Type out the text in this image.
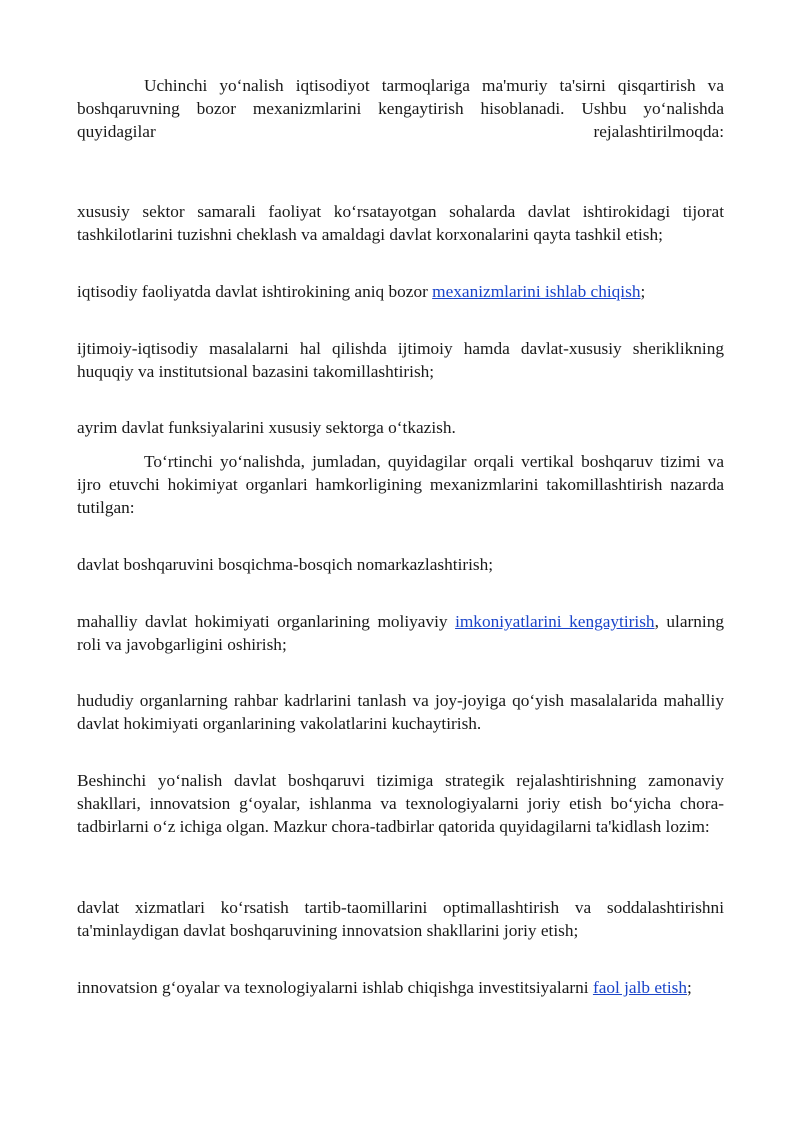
Uchinchi yo‘nalish iqtisodiyot tarmoqlariga ma'muriy ta'sirni qisqartirish va boshqaruvning bozor mexanizmlarini kengaytirish hisoblanadi. Ushbu yo‘nalishda quyidagilar rejalashtirilmoqda:

xususiy sektor samarali faoliyat ko‘rsatayotgan sohalarda davlat ishtirokidagi tijorat tashkilotlarini tuzishni cheklash va amaldagi davlat korxonalarini qayta tashkil etish;

iqtisodiy faoliyatda davlat ishtirokining aniq bozor mexanizmlarini ishlab chiqish;

ijtimoiy-iqtisodiy masalalarni hal qilishda ijtimoiy hamda davlat-xususiy sheriklikning huquqiy va institutsional bazasini takomillashtirish;

ayrim davlat funksiyalarini xususiy sektorga o‘tkazish.

To‘rtinchi yo‘nalishda, jumladan, quyidagilar orqali vertikal boshqaruv tizimi va ijro etuvchi hokimiyat organlari hamkorligining mexanizmlarini takomillashtirish nazarda tutilgan:

davlat boshqaruvini bosqichma-bosqich nomarkazlashtirish;

mahalliy davlat hokimiyati organlarining moliyaviy imkoniyatlarini kengaytirish, ularning roli va javobgarligini oshirish;

hududiy organlarning rahbar kadrlarini tanlash va joy-joyiga qo‘yish masalalarida mahalliy davlat hokimiyati organlarining vakolatlarini kuchaytirish.

Beshinchi yo‘nalish davlat boshqaruvi tizimiga strategik rejalashtirishning zamonaviy shakllari, innovatsion g‘oyalar, ishlanma va texnologiyalarni joriy etish bo‘yicha chora-tadbirlarni o‘z ichiga olgan. Mazkur chora-tadbirlar qatorida quyidagilarni ta'kidlash lozim:

davlat xizmatlari ko‘rsatish tartib-taomillarini optimallashtirish va soddalashtirishni ta'minlaydigan davlat boshqaruvining innovatsion shakllarini joriy etish;

innovatsion g‘oyalar va texnologiyalarni ishlab chiqishga investitsiyalarni faol jalb etish;
